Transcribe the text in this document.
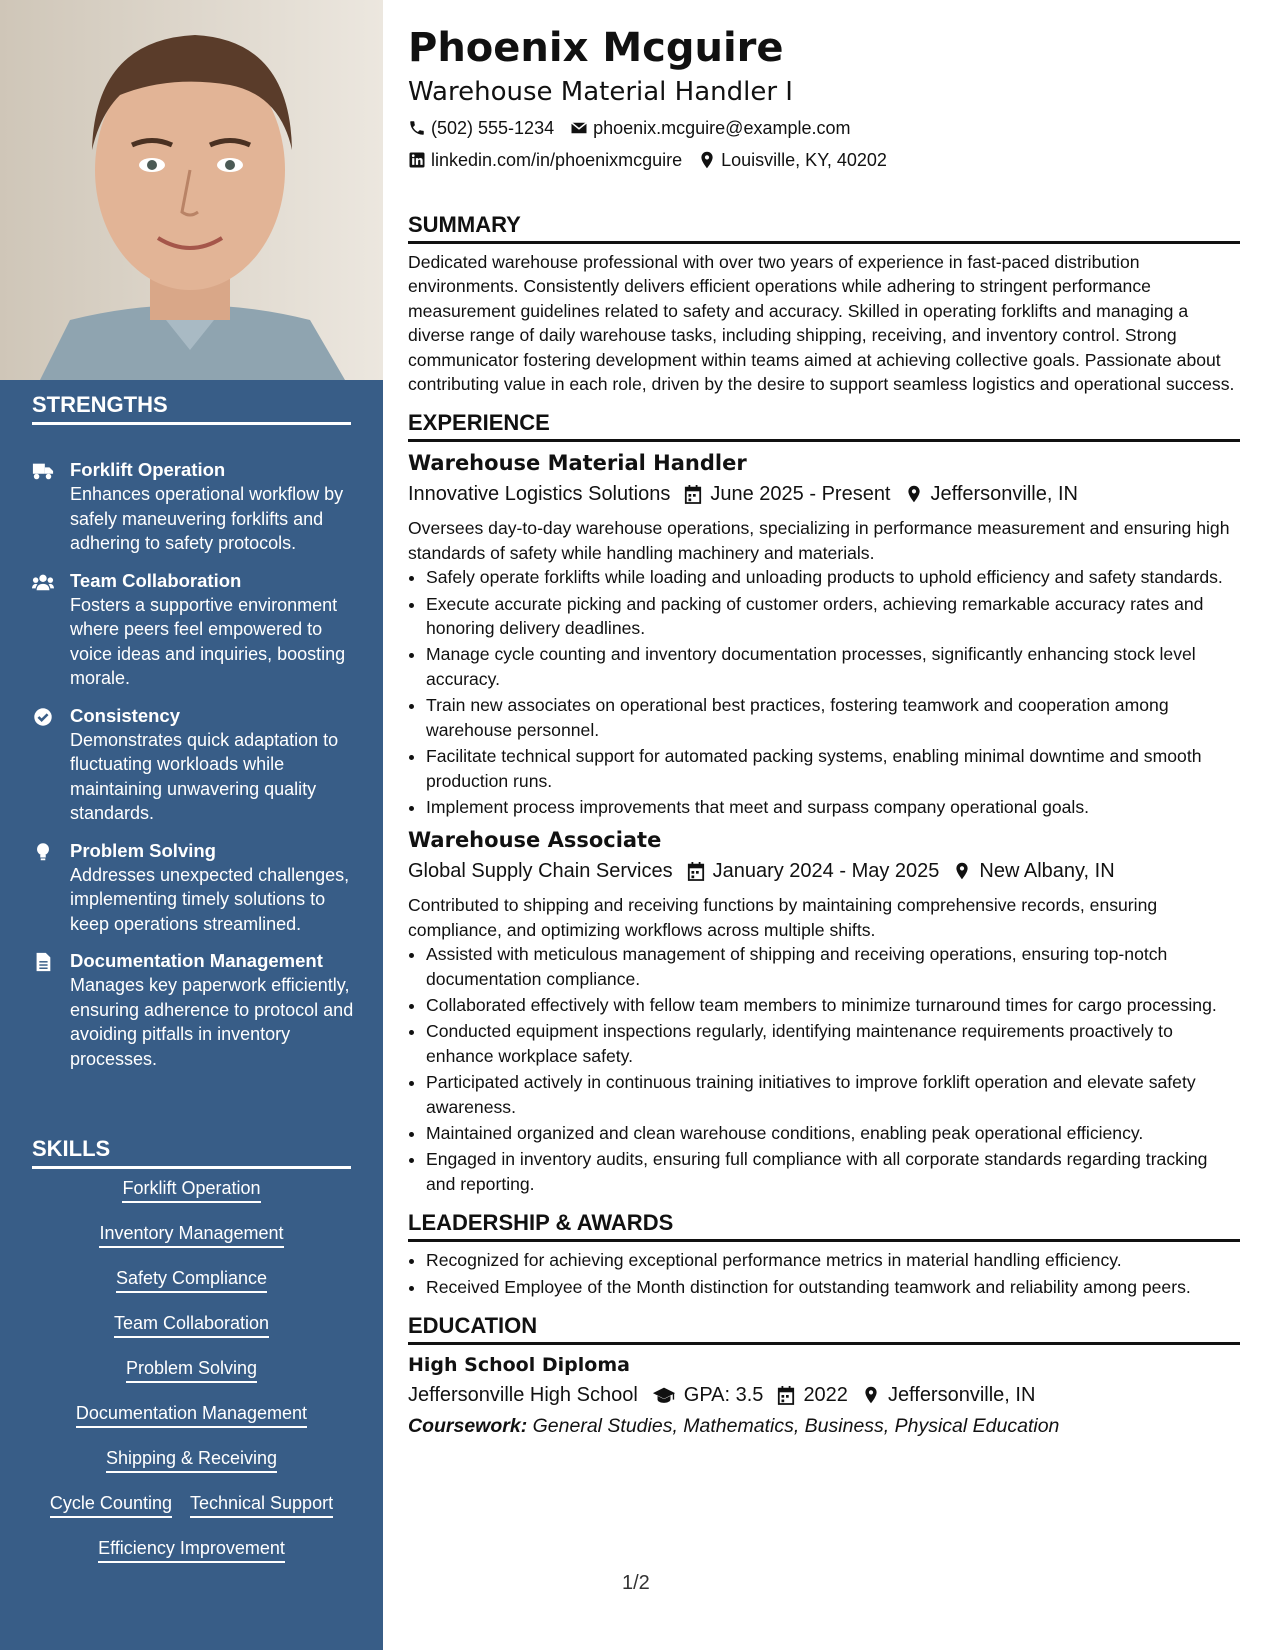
STRENGTHS
Forklift Operation
Enhances operational workflow by safely maneuvering forklifts and adhering to safety protocols.
Team Collaboration
Fosters a supportive environment where peers feel empowered to voice ideas and inquiries, boosting morale.
Consistency
Demonstrates quick adaptation to fluctuating workloads while maintaining unwavering quality standards.
Problem Solving
Addresses unexpected challenges, implementing timely solutions to keep operations streamlined.
Documentation Management
Manages key paperwork efficiently, ensuring adherence to protocol and avoiding pitfalls in inventory processes.
SKILLS
Forklift Operation
Inventory Management
Safety Compliance
Team Collaboration
Problem Solving
Documentation Management
Shipping & Receiving
Cycle Counting Technical Support
Efficiency Improvement
Phoenix Mcguire
Warehouse Material Handler I
(502) 555-1234 phoenix.mcguire@example.com
linkedin.com/in/phoenixmcguire Louisville, KY, 40202
SUMMARY

Dedicated warehouse professional with over two years of experience in fast-paced distribution environments. Consistently delivers efficient operations while adhering to stringent performance measurement guidelines related to safety and accuracy. Skilled in operating forklifts and managing a diverse range of daily warehouse tasks, including shipping, receiving, and inventory control. Strong communicator fostering development within teams aimed at achieving collective goals. Passionate about contributing value in each role, driven by the desire to support seamless logistics and operational success.

EXPERIENCE
Warehouse Material Handler
Innovative Logistics Solutions June 2025 - Present Jeffersonville, IN

Oversees day-to-day warehouse operations, specializing in performance measurement and ensuring high standards of safety while handling machinery and materials.

• Safely operate forklifts while loading and unloading products to uphold efficiency and safety standards.
• Execute accurate picking and packing of customer orders, achieving remarkable accuracy rates and honoring delivery deadlines.
• Manage cycle counting and inventory documentation processes, significantly enhancing stock level accuracy.
• Train new associates on operational best practices, fostering teamwork and cooperation among warehouse personnel.
• Facilitate technical support for automated packing systems, enabling minimal downtime and smooth production runs.
• Implement process improvements that meet and surpass company operational goals.
Warehouse Associate
Global Supply Chain Services January 2024 - May 2025 New Albany, IN

Contributed to shipping and receiving functions by maintaining comprehensive records, ensuring compliance, and optimizing workflows across multiple shifts.

• Assisted with meticulous management of shipping and receiving operations, ensuring top-notch documentation compliance.
• Collaborated effectively with fellow team members to minimize turnaround times for cargo processing.
• Conducted equipment inspections regularly, identifying maintenance requirements proactively to enhance workplace safety.
• Participated actively in continuous training initiatives to improve forklift operation and elevate safety awareness.
• Maintained organized and clean warehouse conditions, enabling peak operational efficiency.
• Engaged in inventory audits, ensuring full compliance with all corporate standards regarding tracking and reporting.
LEADERSHIP & AWARDS
• Recognized for achieving exceptional performance metrics in material handling efficiency.
• Received Employee of the Month distinction for outstanding teamwork and reliability among peers.
EDUCATION
High School Diploma
Jeffersonville High School GPA: 3.5 2022 Jeffersonville, IN
Coursework: General Studies, Mathematics, Business, Physical Education
1/2
